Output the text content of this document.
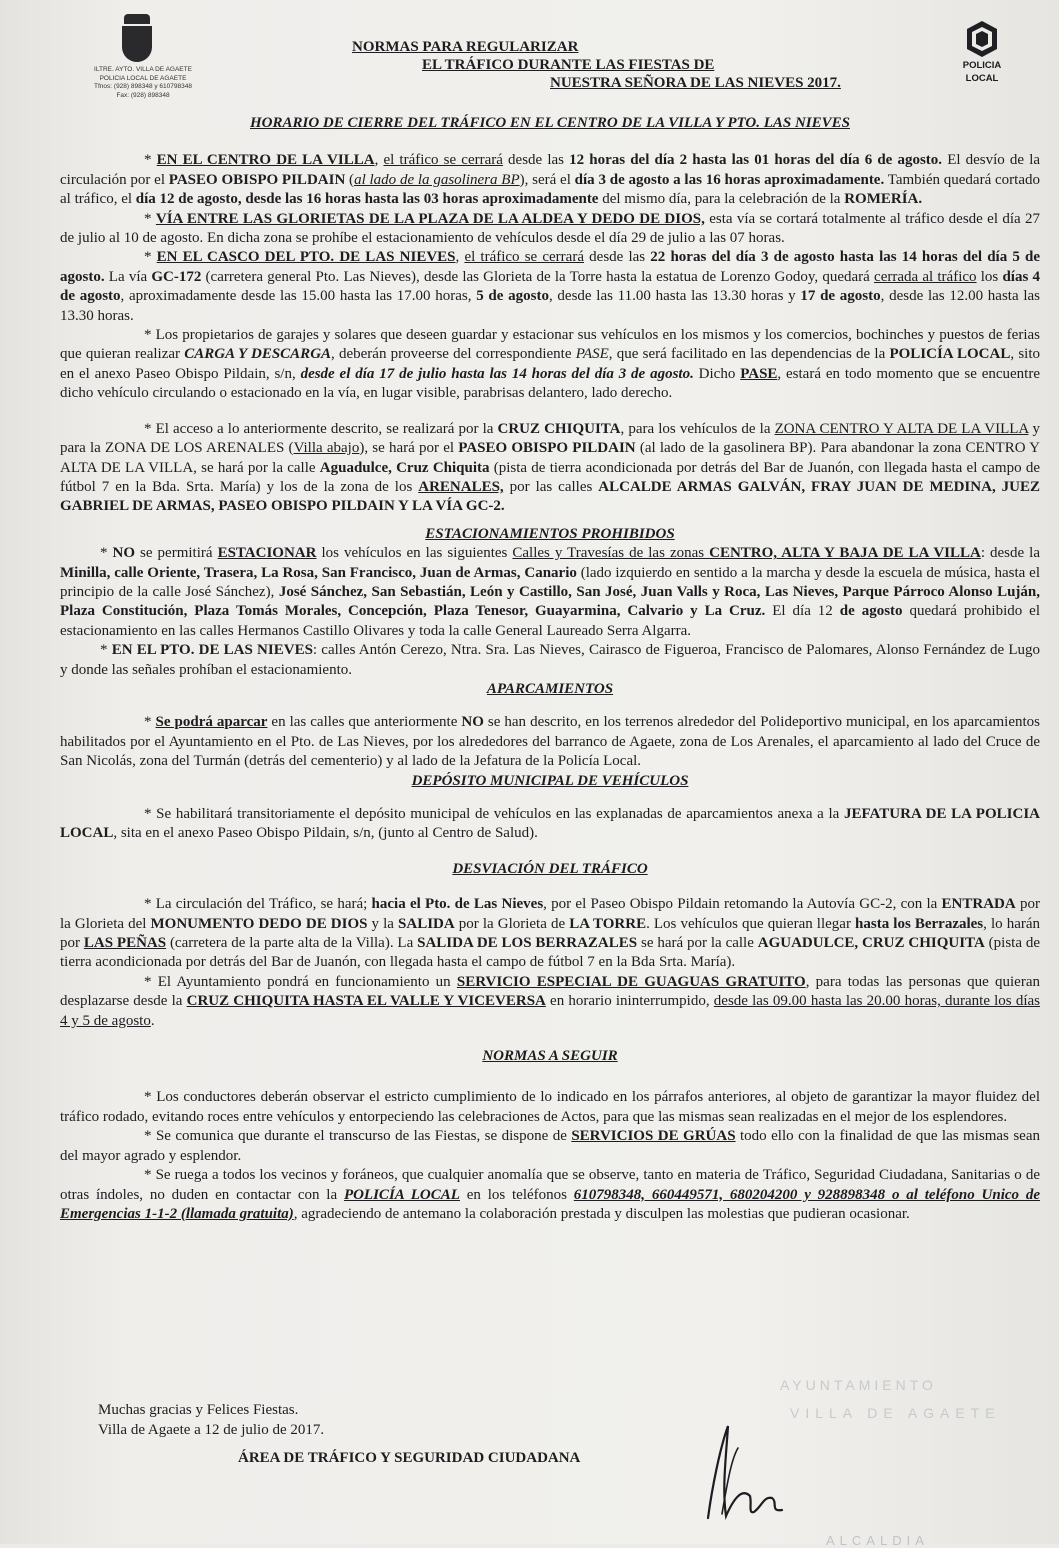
ILTRE. AYTO. VILLA DE AGAETE
POLICIA LOCAL DE AGAETE
Tfnos: (928) 898348 y 610798348
Fax: (928) 898348
POLICIA
LOCAL
NORMAS PARA REGULARIZAR
EL TRÁFICO DURANTE LAS FIESTAS DE
NUESTRA SEÑORA DE LAS NIEVES 2017.

HORARIO DE CIERRE DEL TRÁFICO EN EL CENTRO DE LA VILLA Y PTO. LAS NIEVES

* EN EL CENTRO DE LA VILLA, el tráfico se cerrará desde las 12 horas del día 2 hasta las 01 horas del día 6 de agosto. El desvío de la circulación por el PASEO OBISPO PILDAIN (al lado de la gasolinera BP), será el día 3 de agosto a las 16 horas aproximadamente. También quedará cortado al tráfico, el día 12 de agosto, desde las 16 horas hasta las 03 horas aproximadamente del mismo día, para la celebración de la ROMERÍA.

* VÍA ENTRE LAS GLORIETAS DE LA PLAZA DE LA ALDEA Y DEDO DE DIOS, esta vía se cortará totalmente al tráfico desde el día 27 de julio al 10 de agosto. En dicha zona se prohíbe el estacionamiento de vehículos desde el día 29 de julio a las 07 horas.

* EN EL CASCO DEL PTO. DE LAS NIEVES, el tráfico se cerrará desde las 22 horas del día 3 de agosto hasta las 14 horas del día 5 de agosto. La vía GC-172 (carretera general Pto. Las Nieves), desde las Glorieta de la Torre hasta la estatua de Lorenzo Godoy, quedará cerrada al tráfico los días 4 de agosto, aproximadamente desde las 15.00 hasta las 17.00 horas, 5 de agosto, desde las 11.00 hasta las 13.30 horas y 17 de agosto, desde las 12.00 hasta las 13.30 horas.

* Los propietarios de garajes y solares que deseen guardar y estacionar sus vehículos en los mismos y los comercios, bochinches y puestos de ferias que quieran realizar CARGA Y DESCARGA, deberán proveerse del correspondiente PASE, que será facilitado en las dependencias de la POLICÍA LOCAL, sito en el anexo Paseo Obispo Pildain, s/n, desde el día 17 de julio hasta las 14 horas del día 3 de agosto. Dicho PASE, estará en todo momento que se encuentre dicho vehículo circulando o estacionado en la vía, en lugar visible, parabrisas delantero, lado derecho.

* El acceso a lo anteriormente descrito, se realizará por la CRUZ CHIQUITA, para los vehículos de la ZONA CENTRO Y ALTA DE LA VILLA y para la ZONA DE LOS ARENALES (Villa abajo), se hará por el PASEO OBISPO PILDAIN (al lado de la gasolinera BP). Para abandonar la zona CENTRO Y ALTA DE LA VILLA, se hará por la calle Aguadulce, Cruz Chiquita (pista de tierra acondicionada por detrás del Bar de Juanón, con llegada hasta el campo de fútbol 7 en la Bda. Srta. María) y los de la zona de los ARENALES, por las calles ALCALDE ARMAS GALVÁN, FRAY JUAN DE MEDINA, JUEZ GABRIEL DE ARMAS, PASEO OBISPO PILDAIN Y LA VÍA GC-2.

ESTACIONAMIENTOS PROHIBIDOS

* NO se permitirá ESTACIONAR los vehículos en las siguientes Calles y Travesías de las zonas CENTRO, ALTA Y BAJA DE LA VILLA: desde la Minilla, calle Oriente, Trasera, La Rosa, San Francisco, Juan de Armas, Canario (lado izquierdo en sentido a la marcha y desde la escuela de música, hasta el principio de la calle José Sánchez), José Sánchez, San Sebastián, León y Castillo, San José, Juan Valls y Roca, Las Nieves, Parque Párroco Alonso Luján, Plaza Constitución, Plaza Tomás Morales, Concepción, Plaza Tenesor, Guayarmina, Calvario y La Cruz. El día 12 de agosto quedará prohibido el estacionamiento en las calles Hermanos Castillo Olivares y toda la calle General Laureado Serra Algarra.

* EN EL PTO. DE LAS NIEVES: calles Antón Cerezo, Ntra. Sra. Las Nieves, Cairasco de Figueroa, Francisco de Palomares, Alonso Fernández de Lugo y donde las señales prohíban el estacionamiento.

APARCAMIENTOS

* Se podrá aparcar en las calles que anteriormente NO se han descrito, en los terrenos alrededor del Polideportivo municipal, en los aparcamientos habilitados por el Ayuntamiento en el Pto. de Las Nieves, por los alrededores del barranco de Agaete, zona de Los Arenales, el aparcamiento al lado del Cruce de San Nicolás, zona del Turmán (detrás del cementerio) y al lado de la Jefatura de la Policía Local.

DEPÓSITO MUNICIPAL DE VEHÍCULOS

* Se habilitará transitoriamente el depósito municipal de vehículos en las explanadas de aparcamientos anexa a la JEFATURA DE LA POLICIA LOCAL, sita en el anexo Paseo Obispo Pildain, s/n, (junto al Centro de Salud).

DESVIACIÓN DEL TRÁFICO

* La circulación del Tráfico, se hará; hacia el Pto. de Las Nieves, por el Paseo Obispo Pildain retomando la Autovía GC-2, con la ENTRADA por la Glorieta del MONUMENTO DEDO DE DIOS y la SALIDA por la Glorieta de LA TORRE. Los vehículos que quieran llegar hasta los Berrazales, lo harán por LAS PEÑAS (carretera de la parte alta de la Villa). La SALIDA DE LOS BERRAZALES se hará por la calle AGUADULCE, CRUZ CHIQUITA (pista de tierra acondicionada por detrás del Bar de Juanón, con llegada hasta el campo de fútbol 7 en la Bda Srta. María).

* El Ayuntamiento pondrá en funcionamiento un SERVICIO ESPECIAL DE GUAGUAS GRATUITO, para todas las personas que quieran desplazarse desde la CRUZ CHIQUITA HASTA EL VALLE Y VICEVERSA en horario ininterrumpido, desde las 09.00 hasta las 20.00 horas, durante los días 4 y 5 de agosto.

NORMAS A SEGUIR

* Los conductores deberán observar el estricto cumplimiento de lo indicado en los párrafos anteriores, al objeto de garantizar la mayor fluidez del tráfico rodado, evitando roces entre vehículos y entorpeciendo las celebraciones de Actos, para que las mismas sean realizadas en el mejor de los esplendores.

* Se comunica que durante el transcurso de las Fiestas, se dispone de SERVICIOS DE GRÚAS todo ello con la finalidad de que las mismas sean del mayor agrado y esplendor.

* Se ruega a todos los vecinos y foráneos, que cualquier anomalía que se observe, tanto en materia de Tráfico, Seguridad Ciudadana, Sanitarias o de otras índoles, no duden en contactar con la POLICÍA LOCAL en los teléfonos 610798348, 660449571, 680204200 y 928898348 o al teléfono Unico de Emergencias 1-1-2 (llamada gratuita), agradeciendo de antemano la colaboración prestada y disculpen las molestias que pudieran ocasionar.

Muchas gracias y Felices Fiestas.
Villa de Agaete a 12 de julio de 2017.
ÁREA DE TRÁFICO Y SEGURIDAD CIUDADANA
AYUNTAMIENTO
VILLA DE AGAETE
ALCALDIA
